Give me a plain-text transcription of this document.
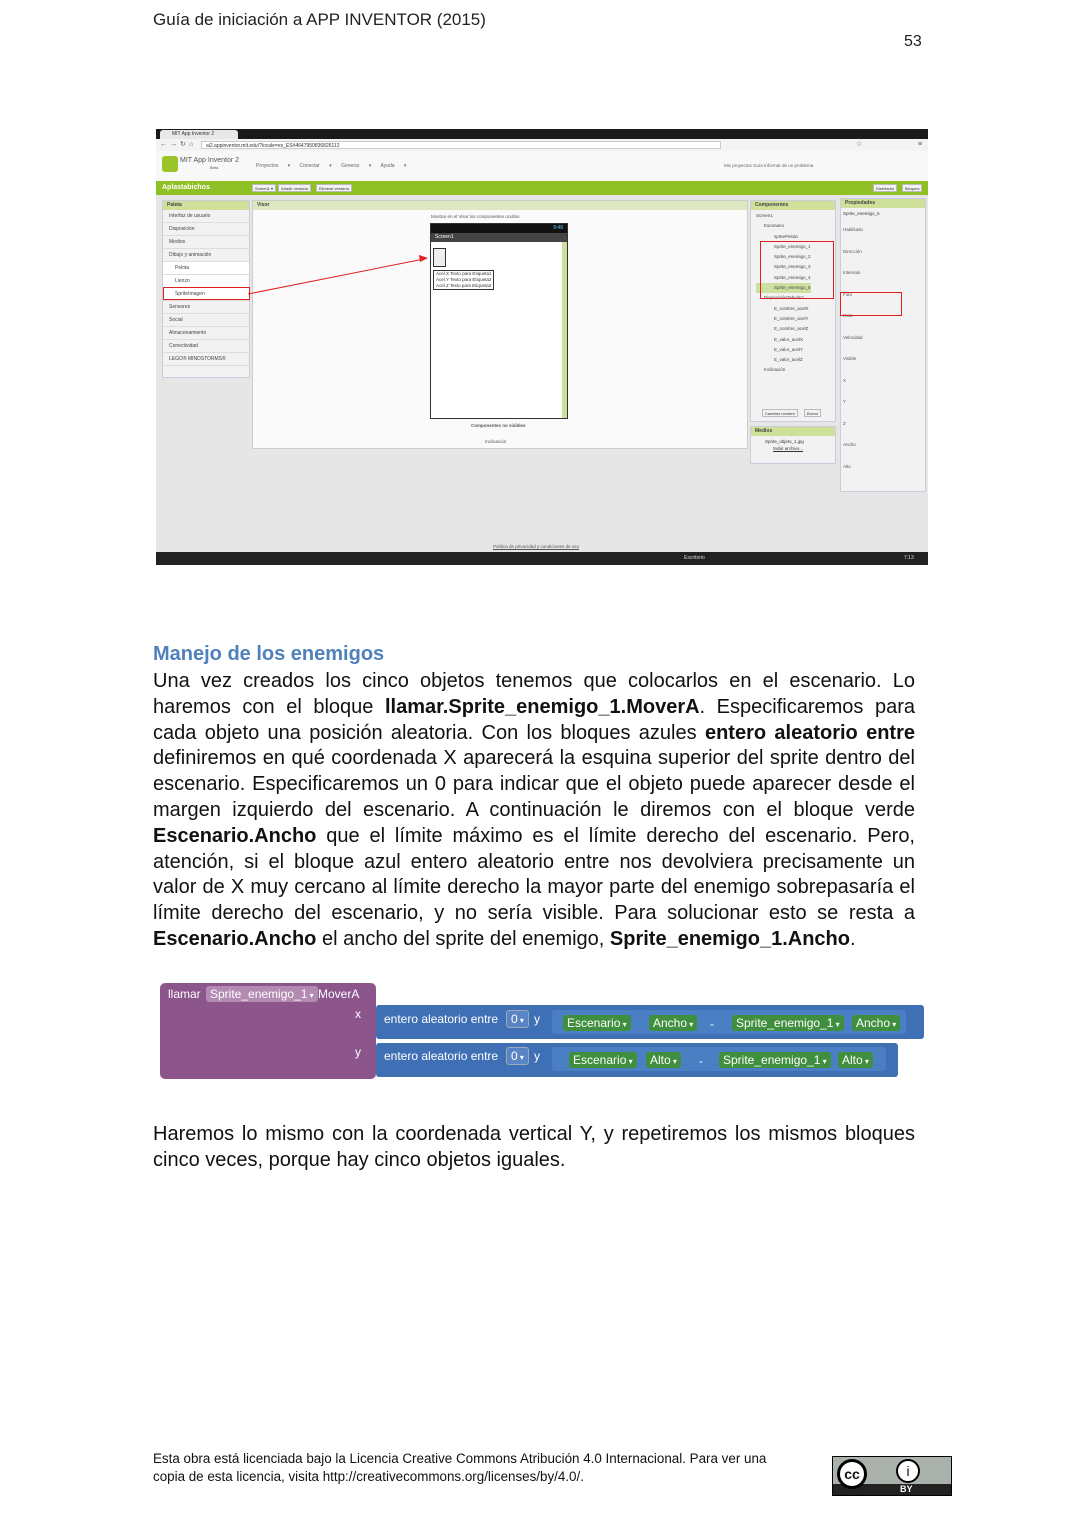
Guía de iniciación a APP INVENTOR (2015)
53
MIT App Inventor 2
← → ↻ ⌂	ai2.appinventor.mit.edu/?locale=es_ES#4647950836826112	☆	≡
MIT App Inventor 2
Beta	Proyectos ▾ Conectar ▾ Generar ▾ Ayuda ▾	Mis proyectos Guía Informar de un problema
Aplastabichos	Screen1 ▾	Añadir ventana	Eliminar ventana	Diseñador	Bloques
Paleta
Interfaz de usuario
Disposición
Medios
Dibujo y animación
Pelota
Lienzo
SpriteImagen
Sensores
Social
Almacenamiento
Conectividad
LEGO® MINDSTORMS®
Visor
Mostrar en el Visor los componentes ocultos
Componentes no visibles
Inclinación
9:48
Screen1
Acel.X Texto para Etiqueta1
Acel.Y Texto para Etiqueta2
Acel.Z Texto para Etiqueta3
Componentes
Screen1
Escenario
spritePelota
Sprite_enemigo_1
Sprite_enemigo_2
Sprite_enemigo_3
Sprite_enemigo_4
Sprite_enemigo_5
DisposiciónTabular1
E_nombre_acelX
E_nombre_acelY
E_nombre_acelZ
E_valor_acelX
E_valor_acelY
E_valor_acelZ
Inclinación
Cambiar nombre	Borrar
Medios
Sprite_objeto_1.jpg
Subir archivo...
Propiedades
Sprite_enemigo_5
Habilitado
Dirección
Intervalo
Foto
Rota
Velocidad
Visible
X
Y
Z
Ancho
Alto
Política de privacidad y condiciones de uso
Escritorio	7:13
Manejo de los enemigos
Una vez creados los cinco objetos tenemos que colocarlos en el escenario. Lo haremos con el bloque llamar.Sprite_enemigo_1.MoverA. Especificaremos para cada objeto una posición aleatoria. Con los bloques azules entero aleatorio entre definiremos en qué coordenada X aparecerá la esquina superior del sprite dentro del escenario. Especificaremos un 0 para indicar que el objeto puede aparecer desde el margen izquierdo del escenario. A continuación le diremos con el bloque verde Escenario.Ancho que el límite máximo es el límite derecho del escenario. Pero, atención, si el bloque azul entero aleatorio entre nos devolviera precisamente un valor de X muy cercano al límite derecho la mayor parte del enemigo sobrepasaría el límite derecho del escenario, y no sería visible. Para solucionar esto se resta a Escenario.Ancho el ancho del sprite del enemigo, Sprite_enemigo_1.Ancho.
llamar Sprite_enemigo_1 ▾ MoverA
x
y
entero aleatorio entre	0 ▾	y	Escenario ▾	Ancho ▾	-	Sprite_enemigo_1 ▾	Ancho ▾
entero aleatorio entre	0 ▾	y	Escenario ▾	Alto ▾	-	Sprite_enemigo_1 ▾	Alto ▾
Haremos lo mismo con la coordenada vertical Y, y repetiremos los mismos bloques cinco veces, porque hay cinco objetos iguales.
Esta obra está licenciada bajo la Licencia Creative Commons Atribución 4.0 Internacional. Para ver una
copia de esta licencia, visita http://creativecommons.org/licenses/by/4.0/.	cc	i
BY
